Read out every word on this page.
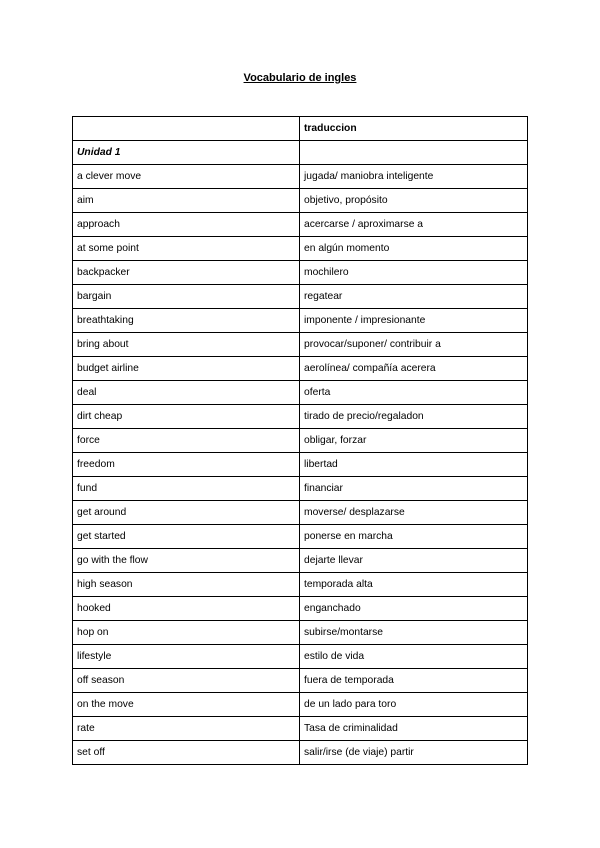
Vocabulario de ingles
	traduccion
Unidad 1	
a clever move	jugada/ maniobra inteligente
aim	objetivo, propósito
approach	acercarse / aproximarse a
at some point	en algún momento
backpacker	mochilero
bargain	regatear
breathtaking	imponente / impresionante
bring about	provocar/suponer/ contribuir a
budget airline	aerolínea/ compañía acerera
deal	oferta
dirt cheap	tirado de precio/regaladon
force	obligar, forzar
freedom	libertad
fund	financiar
get around	moverse/ desplazarse
get started	ponerse en marcha
go with the flow	dejarte llevar
high season	temporada alta
hooked	enganchado
hop on	subirse/montarse
lifestyle	estilo de vida
off season	fuera de temporada
on the move	de un lado para toro
rate	Tasa de criminalidad
set off	salir/irse (de viaje) partir
